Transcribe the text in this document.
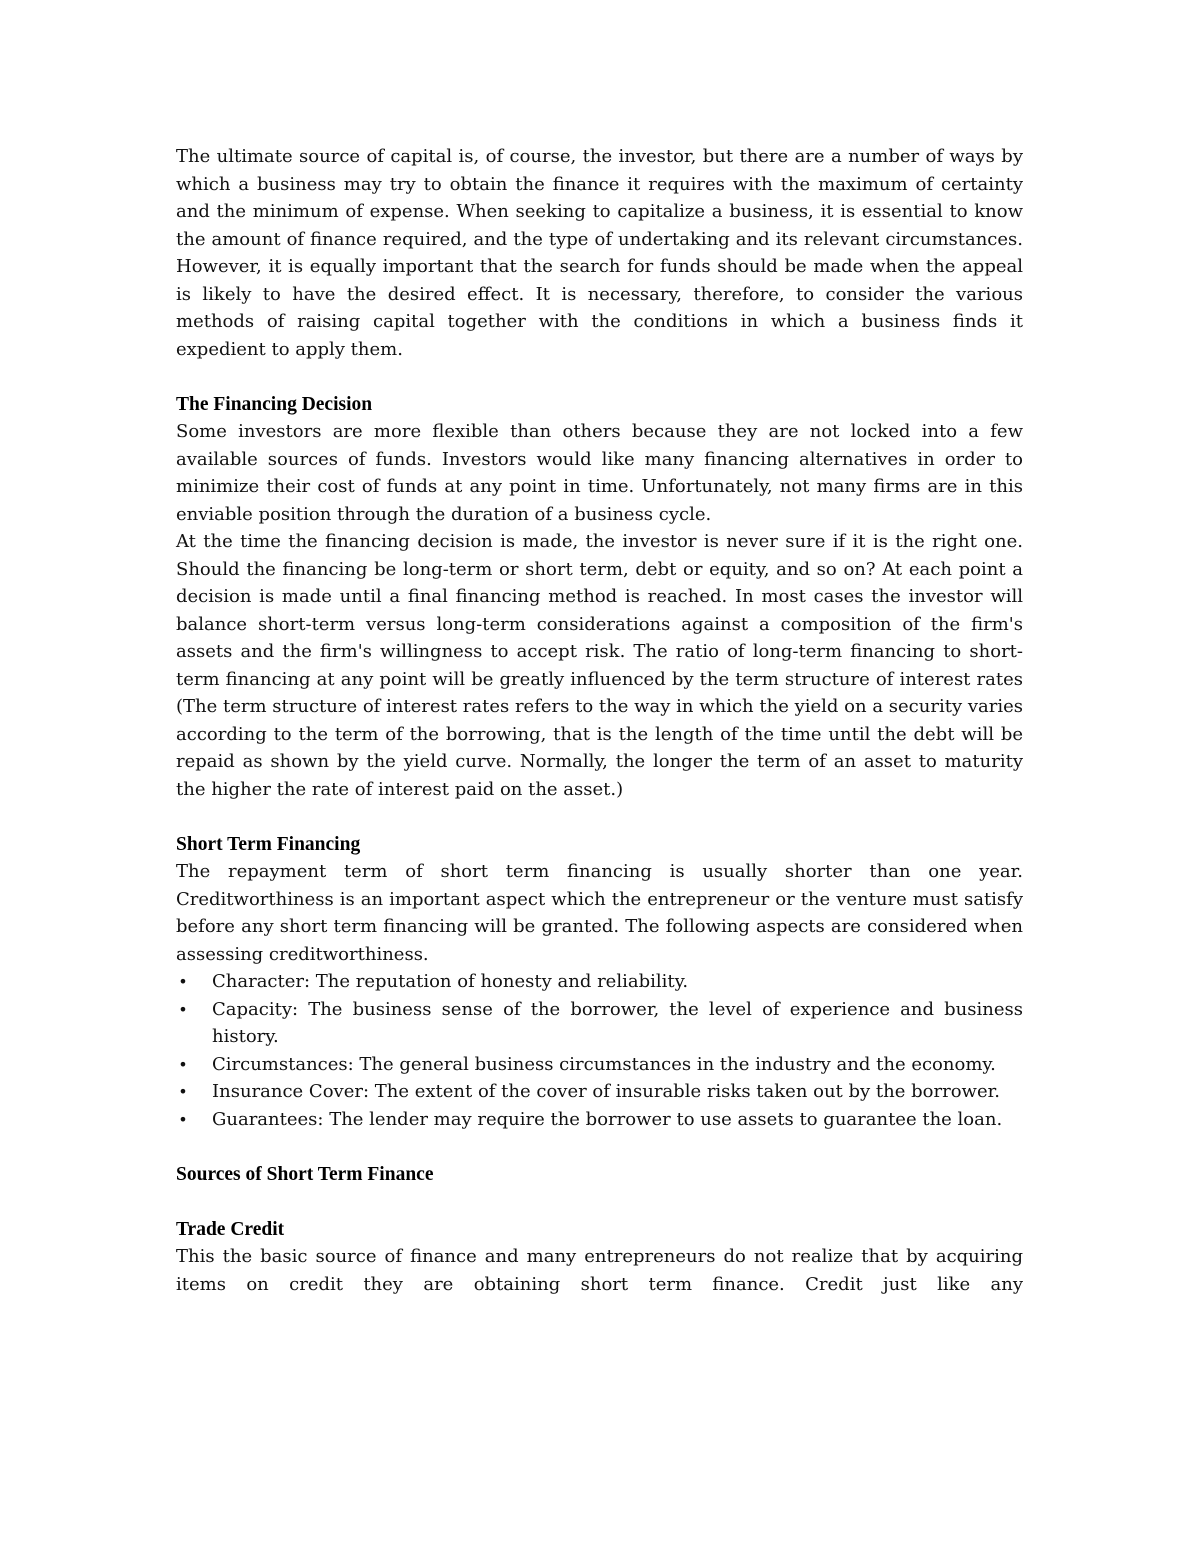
The ultimate source of capital is, of course, the investor, but there are a number of ways by which a business may try to obtain the finance it requires with the maximum of certainty and the minimum of expense. When seeking to capitalize a business, it is essential to know the amount of finance required, and the type of undertaking and its relevant circumstances. However, it is equally important that the search for funds should be made when the appeal is likely to have the desired effect. It is necessary, therefore, to consider the various methods of raising capital together with the conditions in which a business finds it expedient to apply them.

The Financing Decision

Some investors are more flexible than others because they are not locked into a few available sources of funds. Investors would like many financing alternatives in order to minimize their cost of funds at any point in time. Unfortunately, not many firms are in this enviable position through the duration of a business cycle.

At the time the financing decision is made, the investor is never sure if it is the right one. Should the financing be long-term or short term, debt or equity, and so on? At each point a decision is made until a final financing method is reached. In most cases the investor will balance short-term versus long-term considerations against a composition of the firm's assets and the firm's willingness to accept risk. The ratio of long-term financing to short-term financing at any point will be greatly influenced by the term structure of interest rates (The term structure of interest rates refers to the way in which the yield on a security varies according to the term of the borrowing, that is the length of the time until the debt will be repaid as shown by the yield curve. Normally, the longer the term of an asset to maturity the higher the rate of interest paid on the asset.)

Short Term Financing

The repayment term of short term financing is usually shorter than one year. Creditworthiness is an important aspect which the entrepreneur or the venture must satisfy before any short term financing will be granted. The following aspects are considered when assessing creditworthiness.

• Character: The reputation of honesty and reliability.
• Capacity: The business sense of the borrower, the level of experience and business history.
• Circumstances: The general business circumstances in the industry and the economy.
• Insurance Cover: The extent of the cover of insurable risks taken out by the borrower.
• Guarantees: The lender may require the borrower to use assets to guarantee the loan.
Sources of Short Term Finance
Trade Credit

This the basic source of finance and many entrepreneurs do not realize that by acquiring items on credit they are obtaining short term finance. Credit just like any
